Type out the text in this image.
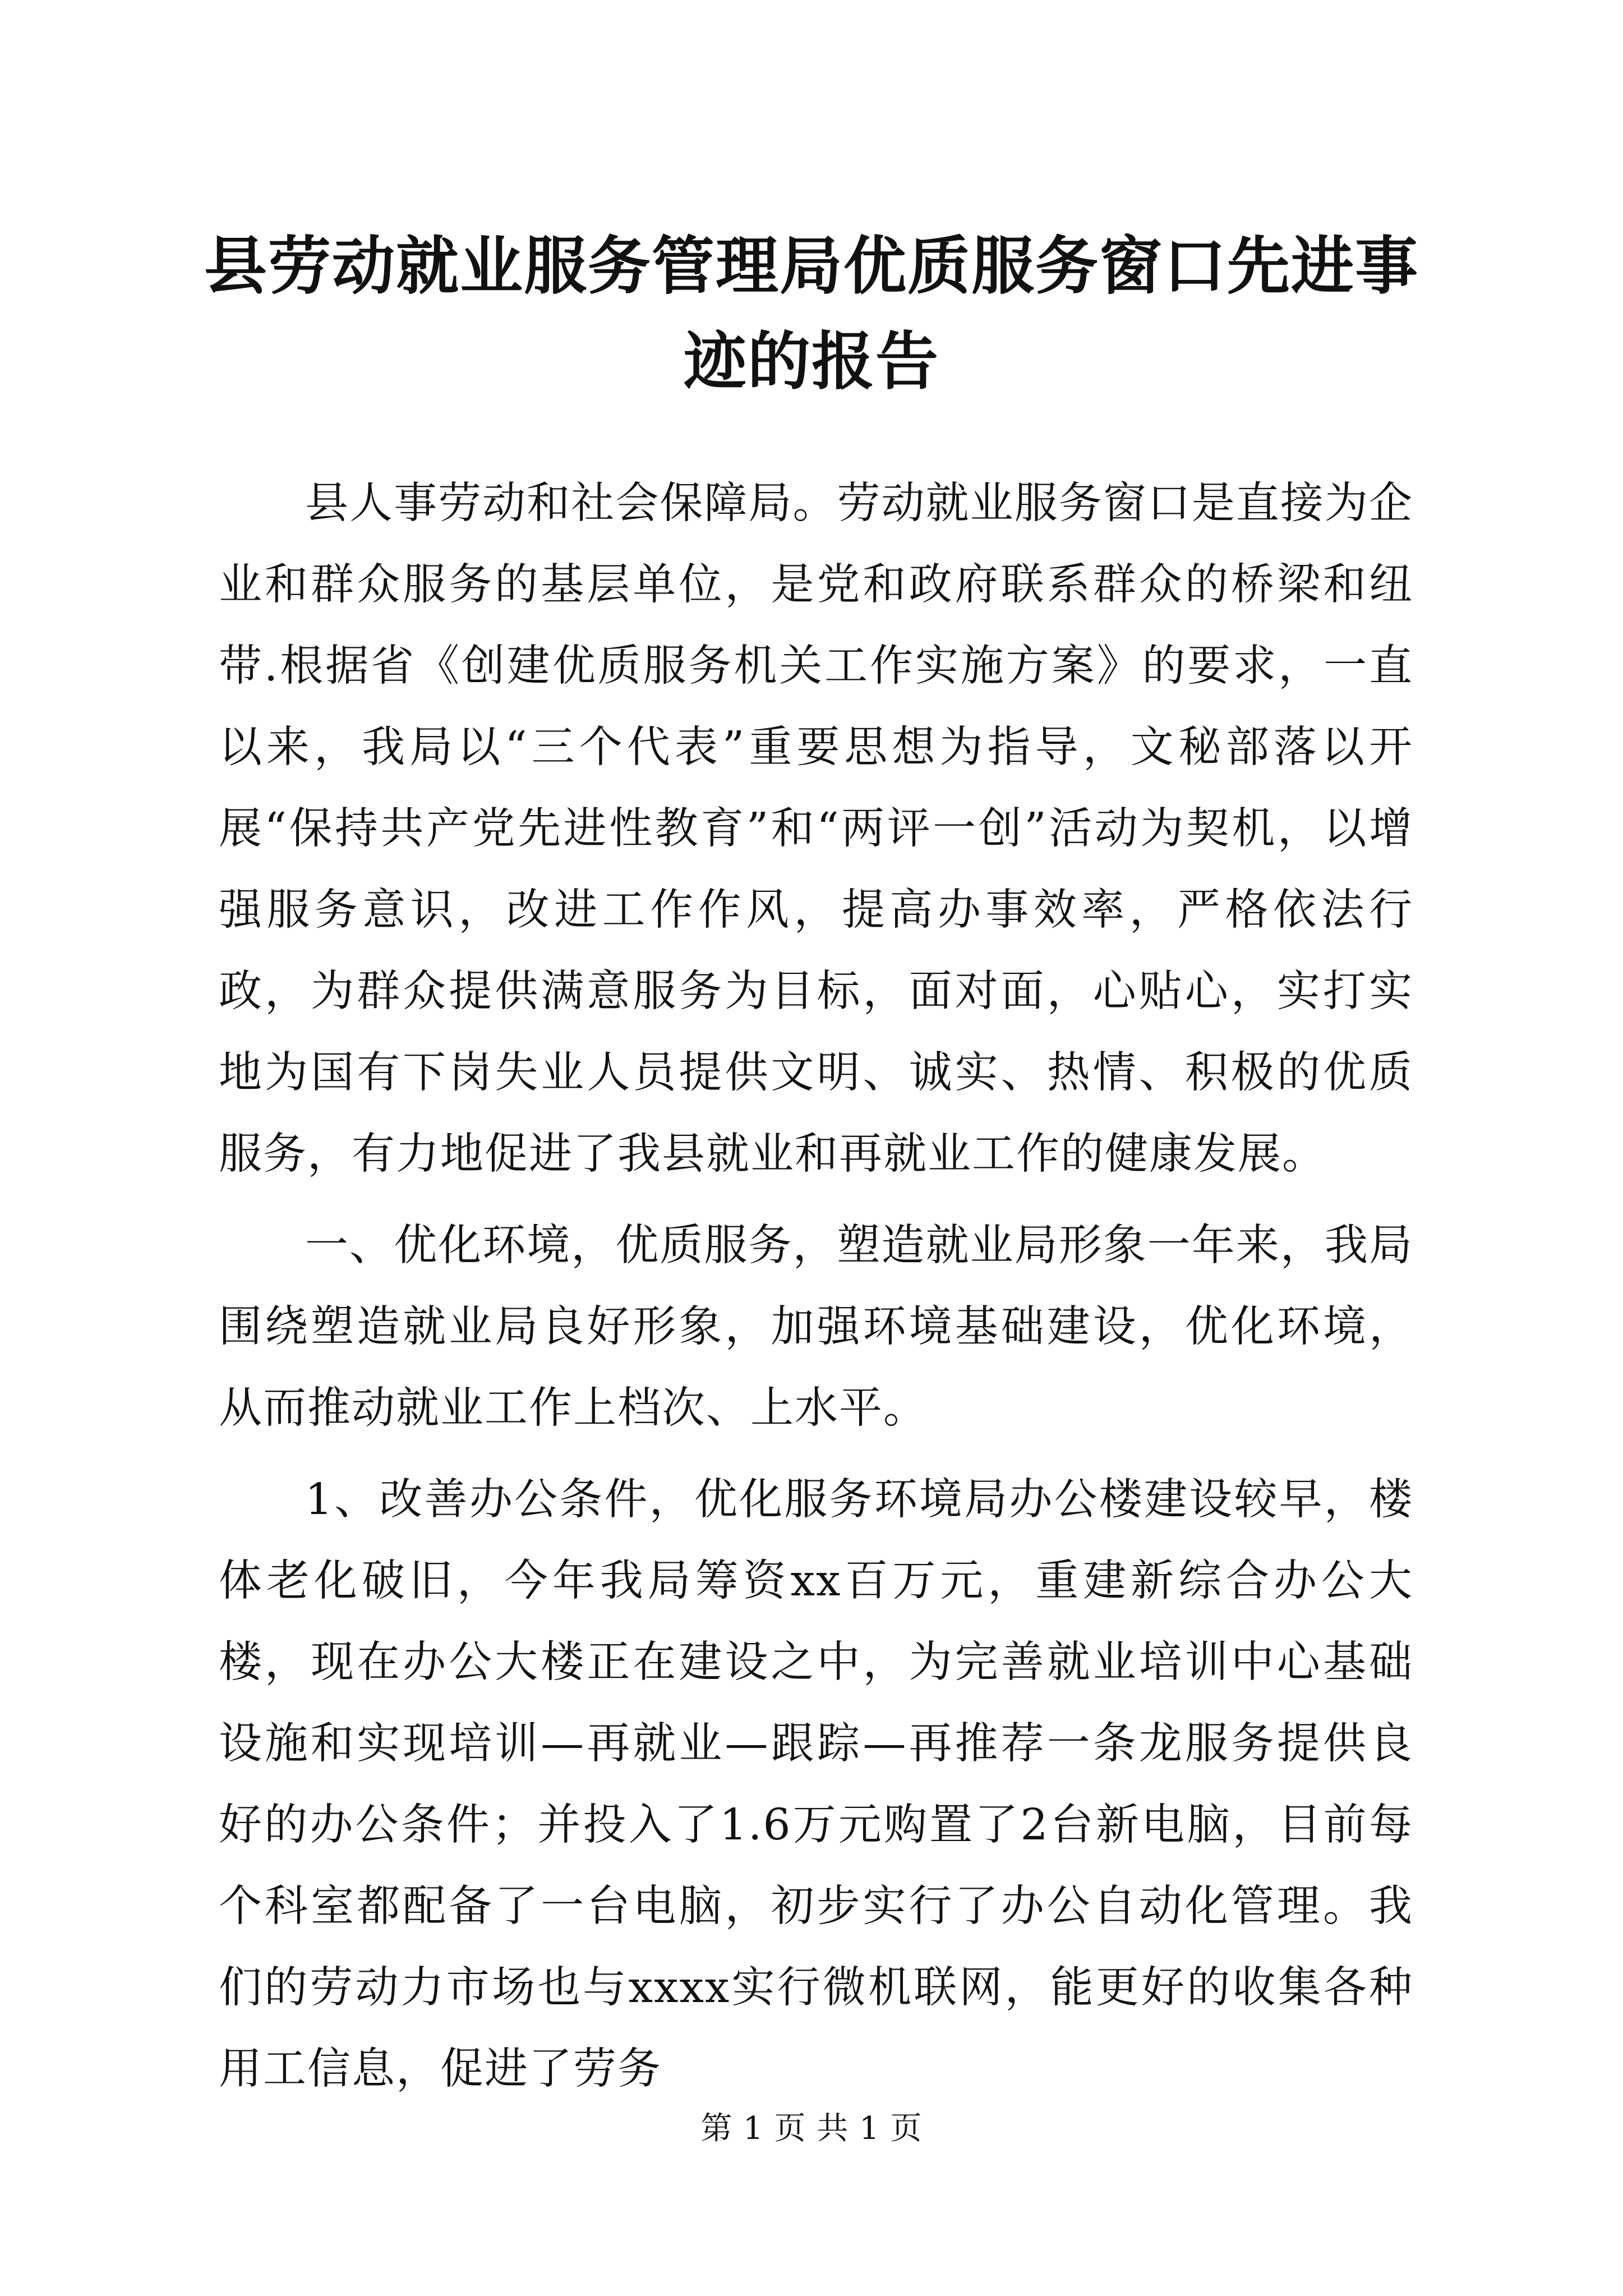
县劳动就业服务管理局优质服务窗口先进事迹的报告

县人事劳动和社会保障局。劳动就业服务窗口是直接为企业和群众服务的基层单位，是党和政府联系群众的桥梁和纽带.根据省《创建优质服务机关工作实施方案》的要求，一直以来，我局以“三个代表”重要思想为指导，文秘部落以开展“保持共产党先进性教育”和“两评一创”活动为契机，以增强服务意识，改进工作作风，提高办事效率，严格依法行政，为群众提供满意服务为目标，面对面，心贴心，实打实地为国有下岗失业人员提供文明、诚实、热情、积极的优质服务，有力地促进了我县就业和再就业工作的健康发展。

一、优化环境，优质服务，塑造就业局形象一年来，我局围绕塑造就业局良好形象，加强环境基础建设，优化环境，从而推动就业工作上档次、上水平。

1、改善办公条件，优化服务环境局办公楼建设较早，楼体老化破旧，今年我局筹资xx百万元，重建新综合办公大楼，现在办公大楼正在建设之中，为完善就业培训中心基础设施和实现培训—再就业—跟踪—再推荐一条龙服务提供良好的办公条件；并投入了1.6万元购置了2台新电脑，目前每个科室都配备了一台电脑，初步实行了办公自动化管理。我们的劳动力市场也与xxxx实行微机联网，能更好的收集各种用工信息，促进了劳务

第 1 页 共 1 页
